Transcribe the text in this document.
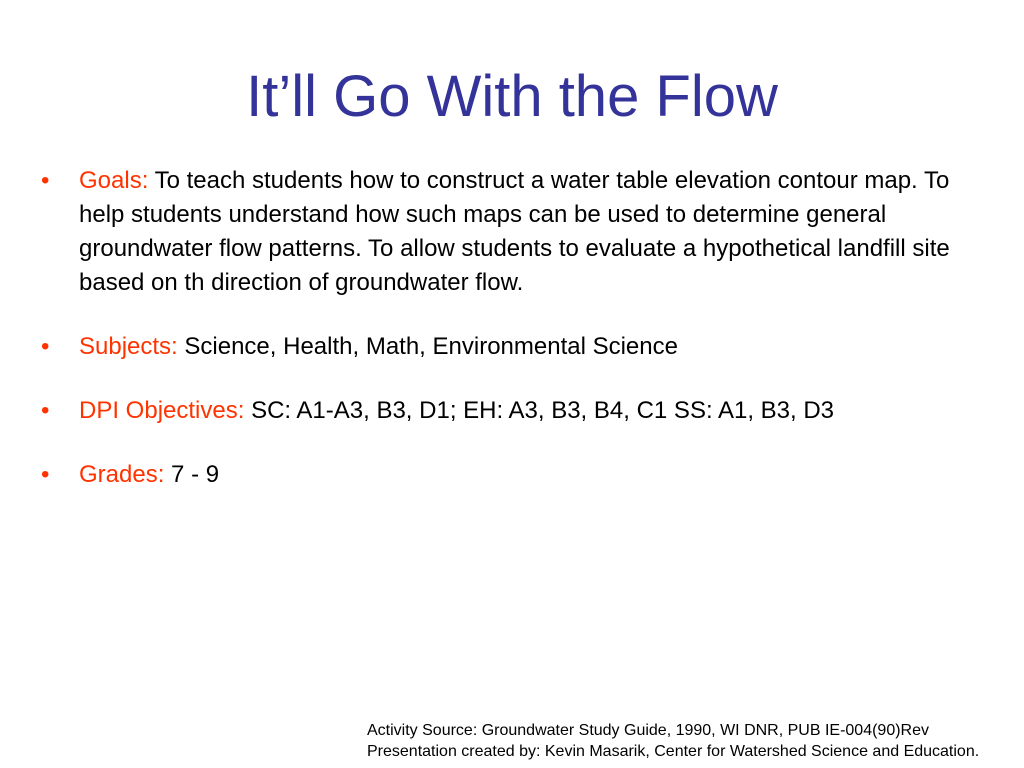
It’ll Go With the Flow
• Goals: To teach students how to construct a water table elevation contour map. To help students understand how such maps can be used to determine general groundwater flow patterns. To allow students to evaluate a hypothetical landfill site based on th direction of groundwater flow.
• Subjects: Science, Health, Math, Environmental Science
• DPI Objectives: SC: A1-A3, B3, D1; EH: A3, B3, B4, C1 SS: A1, B3, D3
• Grades: 7 - 9
Activity Source: Groundwater Study Guide, 1990, WI DNR, PUB IE-004(90)Rev
Presentation created by: Kevin Masarik, Center for Watershed Science and Education.
